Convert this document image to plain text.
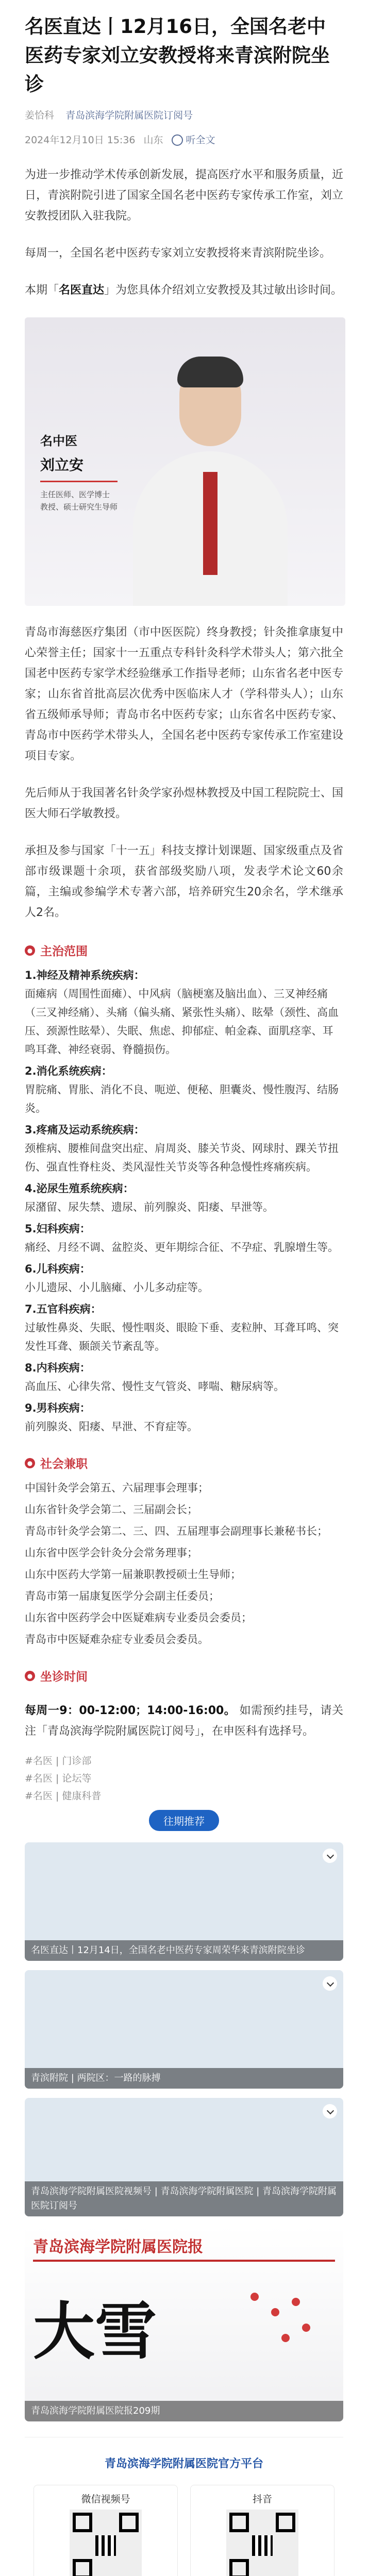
名医直达丨12月16日，全国名老中医药专家刘立安教授将来青滨附院坐诊
姜恰科 青岛滨海学院附属医院订阅号
2024年12月10日 15:36 山东 听全文
为进一步推动学术传承创新发展，提高医疗水平和服务质量，近日，青滨附院引进了国家全国名老中医药专家传承工作室，刘立安教授团队入驻我院。
每周一，全国名老中医药专家刘立安教授将来青滨附院坐诊。
本期「名医直达」为您具体介绍刘立安教授及其过敏出诊时间。
名中医
刘立安
主任医师、医学博士
教授、硕士研究生导师
青岛市海慈医疗集团（市中医医院）终身教授；针灸推拿康复中心荣誉主任；国家十一五重点专科针灸科学术带头人；第六批全国老中医药专家学术经验继承工作指导老师；山东省名老中医专家；山东省首批高层次优秀中医临床人才（学科带头人）；山东省五级师承导师；青岛市名中医药专家；山东省名中医药专家、青岛市中医药学术带头人，全国名老中医药专家传承工作室建设项目专家。
先后师从于我国著名针灸学家孙煜林教授及中国工程院院士、国医大师石学敏教授。
承担及参与国家「十一五」科技支撑计划课题、国家级重点及省部市级课题十余项，获省部级奖励八项，发表学术论文60余篇，主编或参编学术专著六部，培养研究生20余名，学术继承人2名。
● 主治范围
1.神经及精神系统疾病：
面瘫病（周围性面瘫）、中风病（脑梗塞及脑出血）、三叉神经痛（三叉神经痛）、头痛（偏头痛、紧张性头痛）、眩晕（颈性、高血压、颈源性眩晕）、失眠、焦虑、抑郁症、帕金森、面肌痉挛、耳鸣耳聋、神经衰弱、脊髓损伤。
2.消化系统疾病：
胃脘痛、胃胀、消化不良、呃逆、便秘、胆囊炎、慢性腹泻、结肠炎。
3.疼痛及运动系统疾病：
颈椎病、腰椎间盘突出症、肩周炎、膝关节炎、网球肘、踝关节扭伤、强直性脊柱炎、类风湿性关节炎等各种急慢性疼痛疾病。
4.泌尿生殖系统疾病：
尿潴留、尿失禁、遗尿、前列腺炎、阳痿、早泄等。
5.妇科疾病：
痛经、月经不调、盆腔炎、更年期综合征、不孕症、乳腺增生等。
6.儿科疾病：
小儿遗尿、小儿脑瘫、小儿多动症等。
7.五官科疾病：
过敏性鼻炎、失眠、慢性咽炎、眼睑下垂、麦粒肿、耳聋耳鸣、突发性耳聋、颞颌关节紊乱等。
8.内科疾病：
高血压、心律失常、慢性支气管炎、哮喘、糖尿病等。
9.男科疾病：
前列腺炎、阳痿、早泄、不育症等。
● 社会兼职
中国针灸学会第五、六届理事会理事；
山东省针灸学会第二、三届副会长；
青岛市针灸学会第二、三、四、五届理事会副理事长兼秘书长；
山东省中医学会针灸分会常务理事；
山东中医药大学第一届兼职教授硕士生导师；
青岛市第一届康复医学分会副主任委员；
山东省中医药学会中医疑难病专业委员会委员；
青岛市中医疑难杂症专业委员会委员。
● 坐诊时间
每周一9：00-12:00；14:00-16:00。 如需预约挂号，请关注「青岛滨海学院附属医院订阅号」，在申医科有选择号。
#名医 | 门诊部
#名医 | 论坛等
#名医 | 健康科普
往期推荐
名医直达丨12月14日，全国名老中医药专家周荣华来青滨附院坐诊
青滨附院 | 两院区：一路的脉搏
青岛滨海学院附属医院视频号 | 青岛滨海学院附属医院 | 青岛滨海学院附属医院订阅号
青岛滨海学院附属医院报
大雪
青岛滨海学院附属医院报209期
青岛滨海学院附属医院官方平台
微信视频号	抖音
